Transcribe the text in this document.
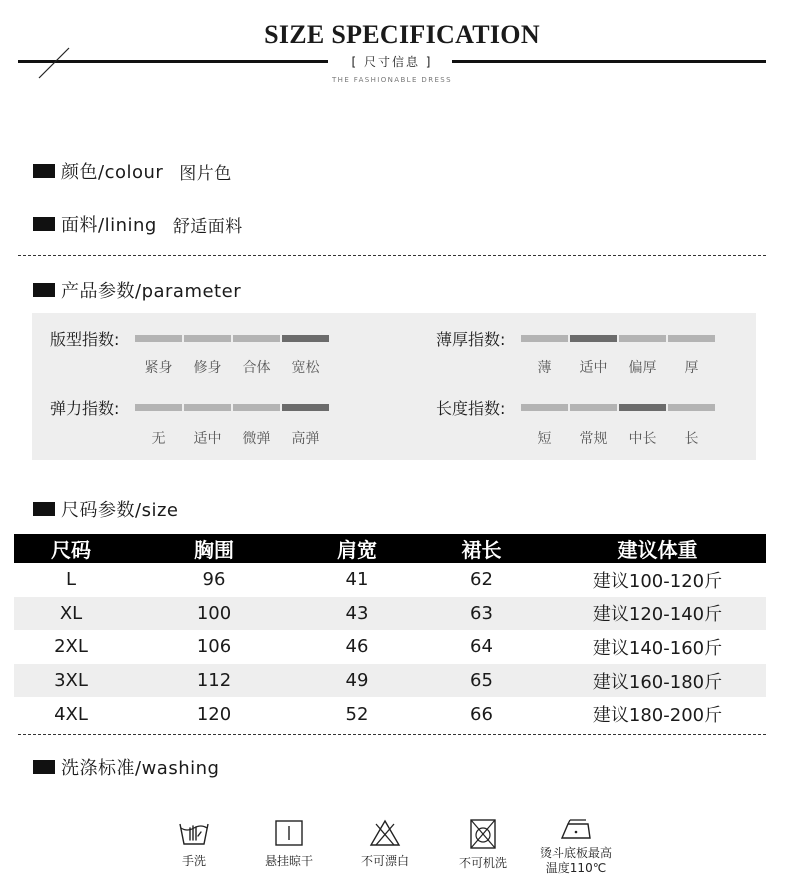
SIZE SPECIFICATION
[ 尺寸信息 ]
THE FASHIONABLE DRESS
颜色/colour 图片色
面料/lining 舒适面料
产品参数/parameter
版型指数:
紧身	修身	合体	宽松
薄厚指数:
薄	适中	偏厚	厚
弹力指数:
无	适中	微弹	高弹
长度指数:
短	常规	中长	长
尺码参数/size
尺码	胸围	肩宽	裙长	建议体重
L	96	41	62	建议100-120斤
XL	100	43	63	建议120-140斤
2XL	106	46	64	建议140-160斤
3XL	112	49	65	建议160-180斤
4XL	120	52	66	建议180-200斤
洗涤标准/washing
手洗	悬挂晾干	不可漂白	不可机洗
烫斗底板最高
温度110℃
